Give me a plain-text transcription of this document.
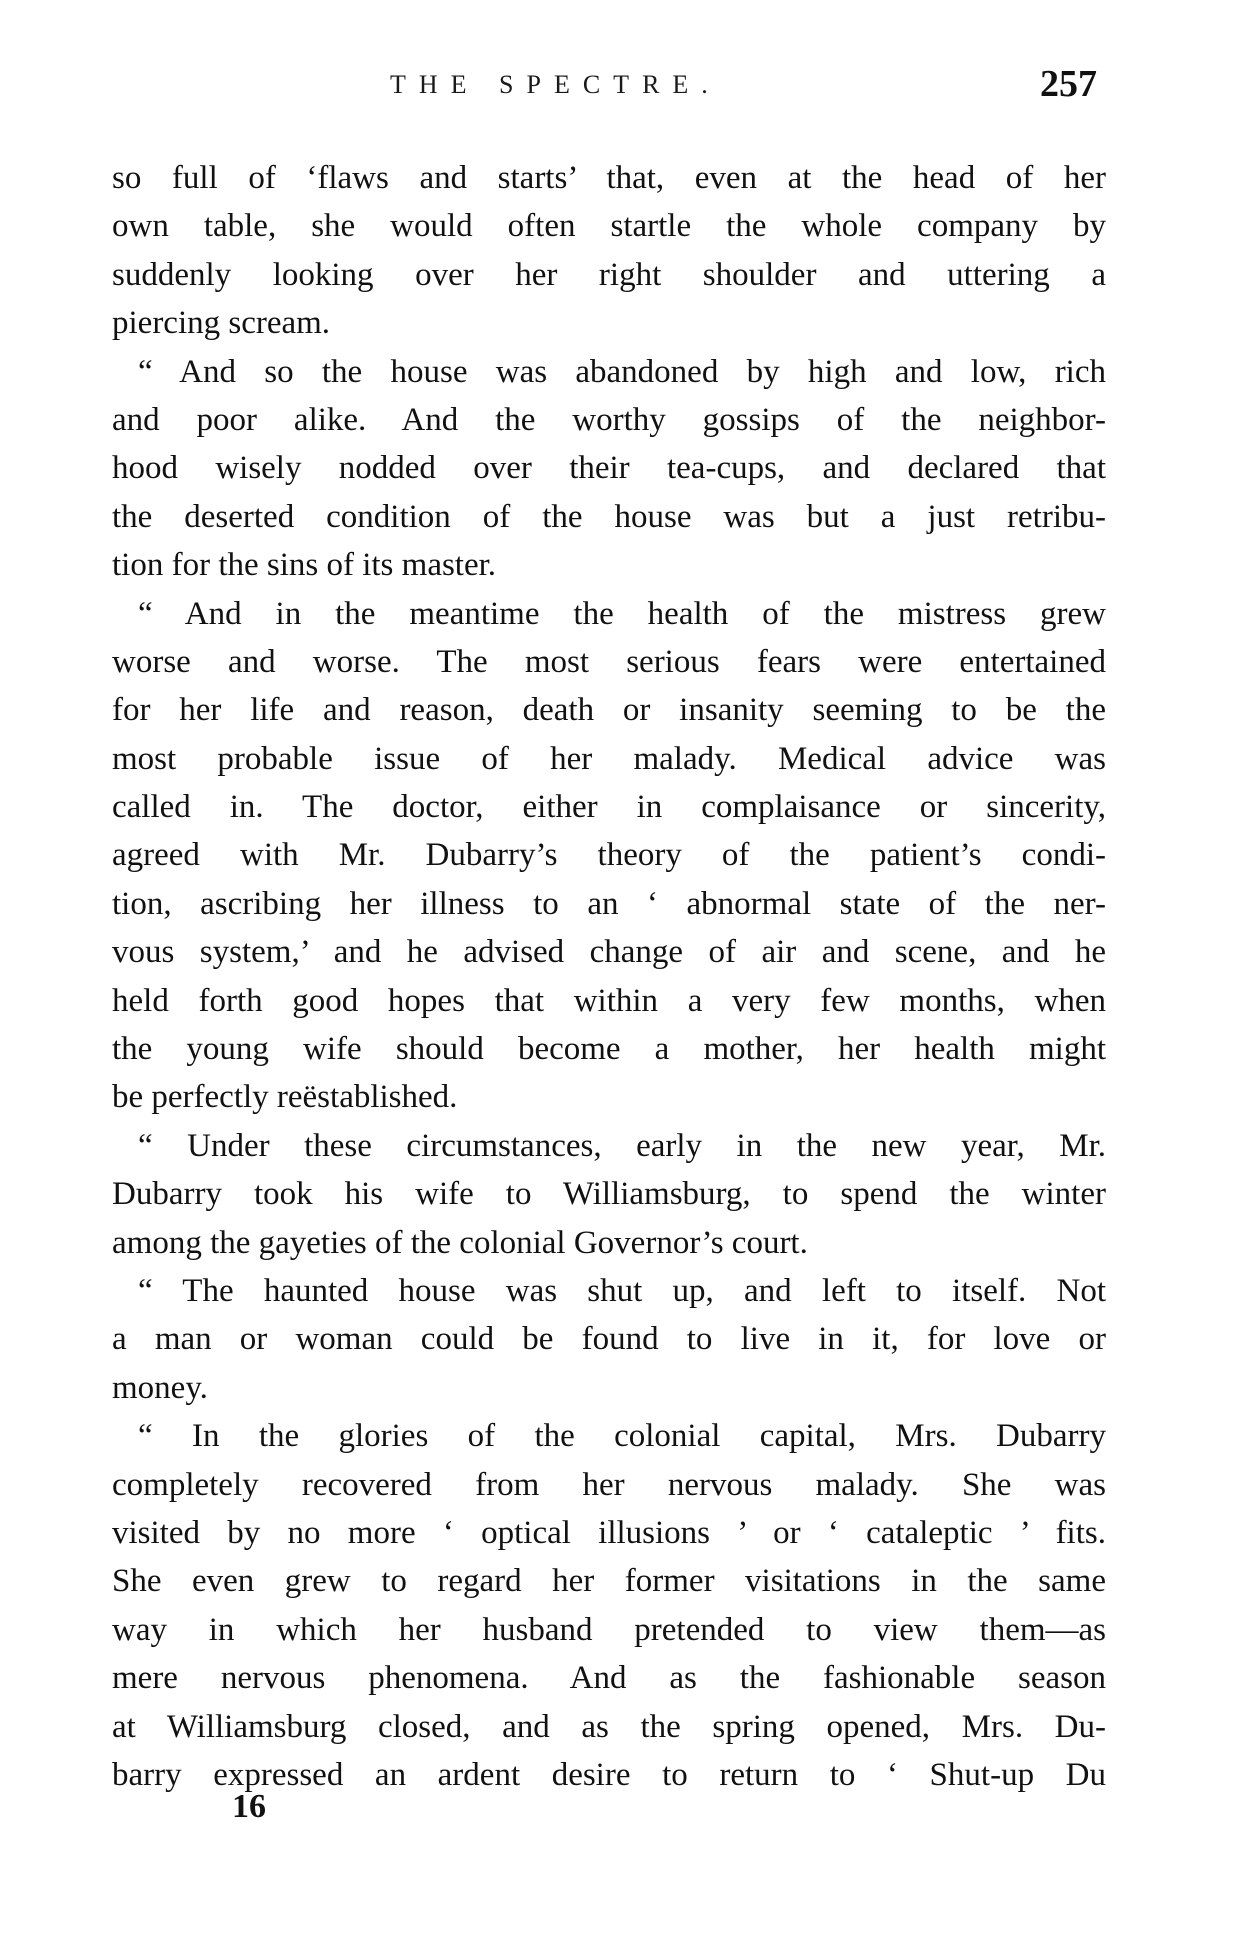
THE SPECTRE.	257
so full of ‘flaws and starts’ that, even at the head of her
own table, she would often startle the whole company by
suddenly looking over her right shoulder and uttering a
piercing scream.
“ And so the house was abandoned by high and low, rich
and poor alike. And the worthy gossips of the neighbor-
hood wisely nodded over their tea-cups, and declared that
the deserted condition of the house was but a just retribu-
tion for the sins of its master.
“ And in the meantime the health of the mistress grew
worse and worse. The most serious fears were entertained
for her life and reason, death or insanity seeming to be the
most probable issue of her malady. Medical advice was
called in. The doctor, either in complaisance or sincerity,
agreed with Mr. Dubarry’s theory of the patient’s condi-
tion, ascribing her illness to an ‘ abnormal state of the ner-
vous system,’ and he advised change of air and scene, and he
held forth good hopes that within a very few months, when
the young wife should become a mother, her health might
be perfectly reëstablished.
“ Under these circumstances, early in the new year, Mr.
Dubarry took his wife to Williamsburg, to spend the winter
among the gayeties of the colonial Governor’s court.
“ The haunted house was shut up, and left to itself. Not
a man or woman could be found to live in it, for love or
money.
“ In the glories of the colonial capital, Mrs. Dubarry
completely recovered from her nervous malady. She was
visited by no more ‘ optical illusions ’ or ‘ cataleptic ’ fits.
She even grew to regard her former visitations in the same
way in which her husband pretended to view them—as
mere nervous phenomena. And as the fashionable season
at Williamsburg closed, and as the spring opened, Mrs. Du-
barry expressed an ardent desire to return to ‘ Shut-up Du
16
